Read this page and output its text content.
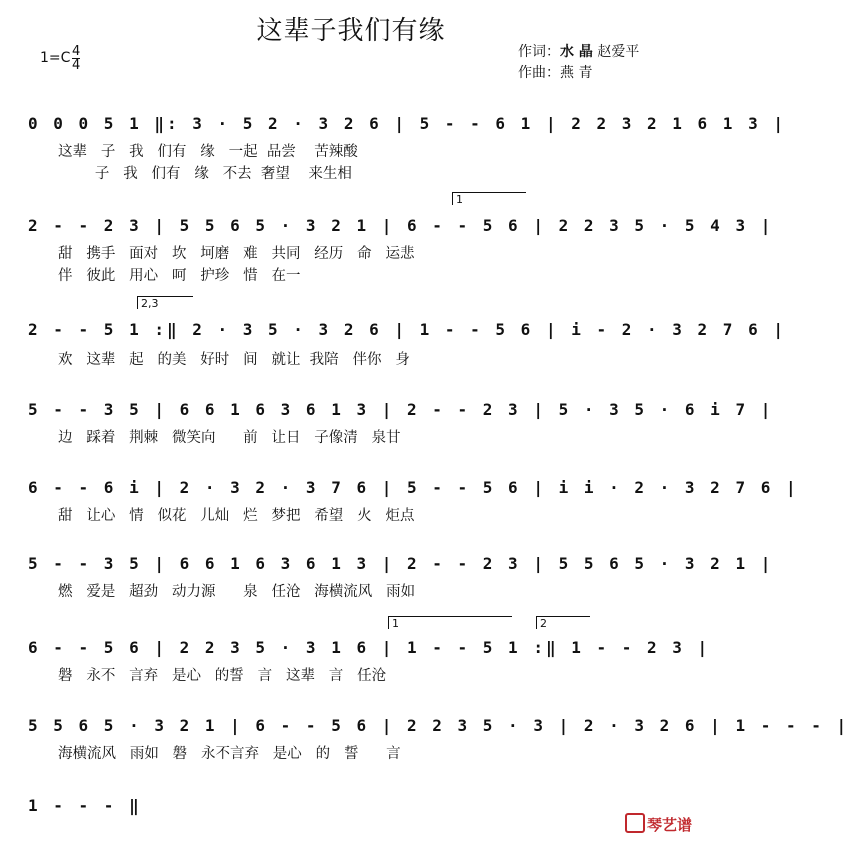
这辈子我们有缘
1=C 4
4
作词：水 晶 赵爱平
作曲：燕 青
0 0 0 5 1 ‖: 3 · 5 2 · 3 2 6 | 5 - - 6 1 | 2 2 3 2 1 6 1 3 |
这辈   子   我   们有   缘   一起  品尝    苦辣酸
子   我   们有   缘   不去  奢望    来生相
1
2 - - 2 3 | 5 5 6 5 · 3 2 1 | 6 - - 5 6 | 2 2 3 5 · 5 4 3 |
甜   携手   面对   坎   坷磨   难   共同   经历   命   运悲
伴   彼此   用心   呵   护珍   惜   在一
2,3
2 - - 5 1 :‖ 2 · 3 5 · 3 2 6 | 1 - - 5 6 | i - 2 · 3 2 7 6 |
欢   这辈   起   的美   好时   间   就让  我陪   伴你   身
5 - - 3 5 | 6 6 1 6 3 6 1 3 | 2 - - 2 3 | 5 · 3 5 · 6 i 7 |
边   踩着   荆棘   微笑向      前   让日   子像清   泉甘
6 - - 6 i | 2 · 3 2 · 3 7 6 | 5 - - 5 6 | i i · 2 · 3 2 7 6 |
甜   让心   情   似花   儿灿   烂   梦把   希望   火   炬点
5 - - 3 5 | 6 6 1 6 3 6 1 3 | 2 - - 2 3 | 5 5 6 5 · 3 2 1 |
燃   爱是   超劲   动力源      泉   任沧   海横流风   雨如
1	2
6 - - 5 6 | 2 2 3 5 · 3 1 6 | 1 - - 5 1 :‖ 1 - - 2 3 |
磐   永不   言弃   是心   的誓   言   这辈   言   任沧
5 5 6 5 · 3 2 1 | 6 - - 5 6 | 2 2 3 5 · 3 | 2 · 3 2 6 | 1 - - - |
海横流风   雨如   磐   永不言弃   是心   的   誓      言
1 - - - ‖
琴艺谱
